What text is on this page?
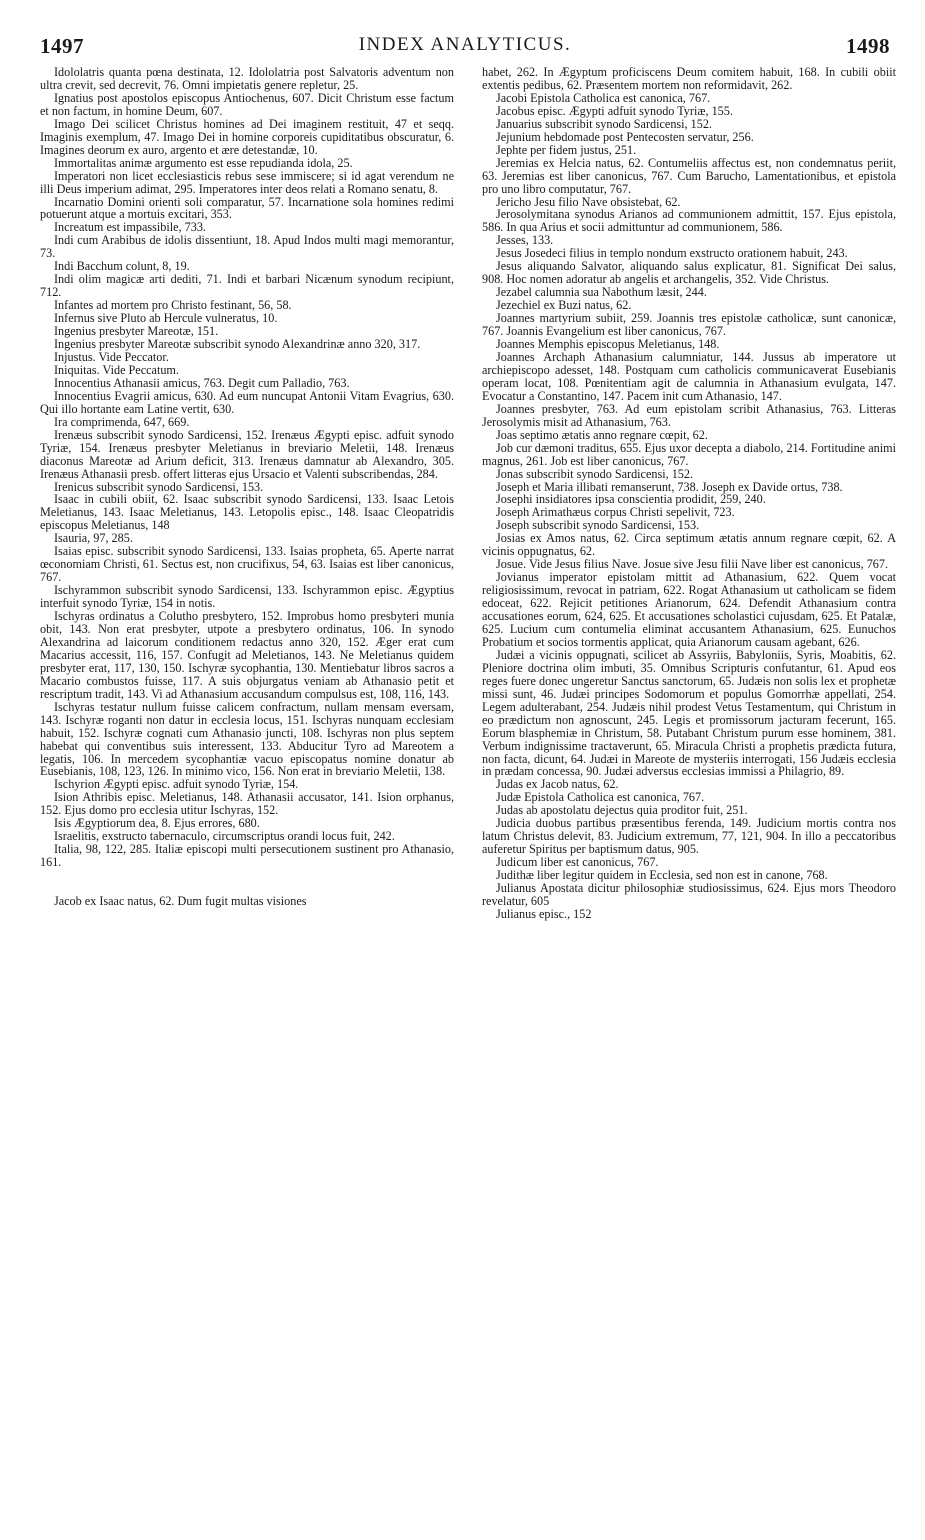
1497	INDEX ANALYTICUS.	1498

Idololatris quanta pœna destinata, 12. Idololatria post Salvatoris adventum non ultra crevit, sed decrevit, 76. Omni impietatis genere repletur, 25.

Ignatius post apostolos episcopus Antiochenus, 607. Dicit Christum esse factum et non factum, in homine Deum, 607.

Imago Dei scilicet Christus homines ad Dei imaginem restituit, 47 et seqq. Imaginis exemplum, 47. Imago Dei in homine corporeis cupiditatibus obscuratur, 6. Imagines deorum ex auro, argento et ære detestandæ, 10.

Immortalitas animæ argumento est esse repudianda idola, 25.

Imperatori non licet ecclesiasticis rebus sese immiscere; si id agat verendum ne illi Deus imperium adimat, 295. Imperatores inter deos relati a Romano senatu, 8.

Incarnatio Domini orienti soli comparatur, 57. Incarnatione sola homines redimi potuerunt atque a mortuis excitari, 353.

Increatum est impassibile, 733.

Indi cum Arabibus de idolis dissentiunt, 18. Apud Indos multi magi memorantur, 73.

Indi Bacchum colunt, 8, 19.

Indi olim magicæ arti dediti, 71. Indi et barbari Nicænum synodum recipiunt, 712.

Infantes ad mortem pro Christo festinant, 56, 58.

Infernus sive Pluto ab Hercule vulneratus, 10.

Ingenius presbyter Mareotæ, 151.

Ingenius presbyter Mareotæ subscribit synodo Alexandrinæ anno 320, 317.

Injustus. Vide Peccator.

Iniquitas. Vide Peccatum.

Innocentius Athanasii amicus, 763. Degit cum Palladio, 763.

Innocentius Evagrii amicus, 630. Ad eum nuncupat Antonii Vitam Evagrius, 630. Qui illo hortante eam Latine vertit, 630.

Ira comprimenda, 647, 669.

Irenæus subscribit synodo Sardicensi, 152. Irenæus Ægypti episc. adfuit synodo Tyriæ, 154. Irenæus presbyter Meletianus in breviario Meletii, 148. Irenæus diaconus Mareotæ ad Arium deficit, 313. Irenæus damnatur ab Alexandro, 305. Irenæus Athanasii presb. offert litteras ejus Ursacio et Valenti subscribendas, 284.

Irenicus subscribit synodo Sardicensi, 153.

Isaac in cubili obiit, 62. Isaac subscribit synodo Sardicensi, 133. Isaac Letois Meletianus, 143. Isaac Meletianus, 143. Letopolis episc., 148. Isaac Cleopatridis episcopus Meletianus, 148

Isauria, 97, 285.

Isaias episc. subscribit synodo Sardicensi, 133. Isaias propheta, 65. Aperte narrat œconomiam Christi, 61. Sectus est, non crucifixus, 54, 63. Isaias est liber canonicus, 767.

Ischyrammon subscribit synodo Sardicensi, 133. Ischyrammon episc. Ægyptius interfuit synodo Tyriæ, 154 in notis.

Ischyras ordinatus a Colutho presbytero, 152. Improbus homo presbyteri munia obit, 143. Non erat presbyter, utpote a presbytero ordinatus, 106. In synodo Alexandrina ad laicorum conditionem redactus anno 320, 152. Æger erat cum Macarius accessit, 116, 157. Confugit ad Meletianos, 143. Ne Meletianus quidem presbyter erat, 117, 130, 150. Ischyræ sycophantia, 130. Mentiebatur libros sacros a Macario combustos fuisse, 117. A suis objurgatus veniam ab Athanasio petit et rescriptum tradit, 143. Vi ad Athanasium accusandum compulsus est, 108, 116, 143.

Ischyras testatur nullum fuisse calicem confractum, nullam mensam eversam, 143. Ischyræ roganti non datur in ecclesia locus, 151. Ischyras nunquam ecclesiam habuit, 152. Ischyræ cognati cum Athanasio juncti, 108. Ischyras non plus septem habebat qui conventibus suis interessent, 133. Abducitur Tyro ad Mareotem a legatis, 106. In mercedem sycophantiæ vacuo episcopatus nomine donatur ab Eusebianis, 108, 123, 126. In minimo vico, 156. Non erat in breviario Meletii, 138.

Ischyrion Ægypti episc. adfuit synodo Tyriæ, 154.

Ision Athribis episc. Meletianus, 148. Athanasii accusator, 141. Ision orphanus, 152. Ejus domo pro ecclesia utitur Ischyras, 152.

Isis Ægyptiorum dea, 8. Ejus errores, 680.

Israelitis, exstructo tabernaculo, circumscriptus orandi locus fuit, 242.

Italia, 98, 122, 285. Italiæ episcopi multi persecutionem sustinent pro Athanasio, 161.

Jacob ex Isaac natus, 62. Dum fugit multas visiones

habet, 262. In Ægyptum proficiscens Deum comitem habuit, 168. In cubili obiit extentis pedibus, 62. Præsentem mortem non reformidavit, 262.

Jacobi Epistola Catholica est canonica, 767.

Jacobus episc. Ægypti adfuit synodo Tyriæ, 155.

Januarius subscribit synodo Sardicensi, 152.

Jejunium hebdomade post Pentecosten servatur, 256.

Jephte per fidem justus, 251.

Jeremias ex Helcia natus, 62. Contumeliis affectus est, non condemnatus periit, 63. Jeremias est liber canonicus, 767. Cum Barucho, Lamentationibus, et epistola pro uno libro computatur, 767.

Jericho Jesu filio Nave obsistebat, 62.

Jerosolymitana synodus Arianos ad communionem admittit, 157. Ejus epistola, 586. In qua Arius et socii admittuntur ad communionem, 586.

Jesses, 133.

Jesus Josedeci filius in templo nondum exstructo orationem habuit, 243.

Jesus aliquando Salvator, aliquando salus explicatur, 81. Significat Dei salus, 908. Hoc nomen adoratur ab angelis et archangelis, 352. Vide Christus.

Jezabel calumnia sua Nabothum læsit, 244.

Jezechiel ex Buzi natus, 62.

Joannes martyrium subiit, 259. Joannis tres epistolæ catholicæ, sunt canonicæ, 767. Joannis Evangelium est liber canonicus, 767.

Joannes Memphis episcopus Meletianus, 148.

Joannes Archaph Athanasium calumniatur, 144. Jussus ab imperatore ut archiepiscopo adesset, 148. Postquam cum catholicis communicaverat Eusebianis operam locat, 108. Pœnitentiam agit de calumnia in Athanasium evulgata, 147. Evocatur a Constantino, 147. Pacem init cum Athanasio, 147.

Joannes presbyter, 763. Ad eum epistolam scribit Athanasius, 763. Litteras Jerosolymis misit ad Athanasium, 763.

Joas septimo ætatis anno regnare cœpit, 62.

Job cur dæmoni traditus, 655. Ejus uxor decepta a diabolo, 214. Fortitudine animi magnus, 261. Job est liber canonicus, 767.

Jonas subscribit synodo Sardicensi, 152.

Joseph et Maria illibati remanserunt, 738. Joseph ex Davide ortus, 738.

Josephi insidiatores ipsa conscientia prodidit, 259, 240.

Joseph Arimathæus corpus Christi sepelivit, 723.

Joseph subscribit synodo Sardicensi, 153.

Josias ex Amos natus, 62. Circa septimum ætatis annum regnare cœpit, 62. A vicinis oppugnatus, 62.

Josue. Vide Jesus filius Nave. Josue sive Jesu filii Nave liber est canonicus, 767.

Jovianus imperator epistolam mittit ad Athanasium, 622. Quem vocat religiosissimum, revocat in patriam, 622. Rogat Athanasium ut catholicam se fidem edoceat, 622. Rejicit petitiones Arianorum, 624. Defendit Athanasium contra accusationes eorum, 624, 625. Et accusationes scholastici cujusdam, 625. Et Patalæ, 625. Lucium cum contumelia eliminat accusantem Athanasium, 625. Eunuchos Probatium et socios tormentis applicat, quia Arianorum causam agebant, 626.

Judæi a vicinis oppugnati, scilicet ab Assyriis, Babyloniis, Syris, Moabitis, 62. Pleniore doctrina olim imbuti, 35. Omnibus Scripturis confutantur, 61. Apud eos reges fuere donec ungeretur Sanctus sanctorum, 65. Judæis non solis lex et prophetæ missi sunt, 46. Judæi principes Sodomorum et populus Gomorrhæ appellati, 254. Legem adulterabant, 254. Judæis nihil prodest Vetus Testamentum, qui Christum in eo prædictum non agnoscunt, 245. Legis et promissorum jacturam fecerunt, 165. Eorum blasphemiæ in Christum, 58. Putabant Christum purum esse hominem, 381. Verbum indignissime tractaverunt, 65. Miracula Christi a prophetis prædicta futura, non facta, dicunt, 64. Judæi in Mareote de mysteriis interrogati, 156 Judæis ecclesia in prædam concessa, 90. Judæi adversus ecclesias immissi a Philagrio, 89.

Judas ex Jacob natus, 62.

Judæ Epistola Catholica est canonica, 767.

Judas ab apostolatu dejectus quia proditor fuit, 251.

Judicia duobus partibus præsentibus ferenda, 149. Judicium mortis contra nos latum Christus delevit, 83. Judicium extremum, 77, 121, 904. In illo a peccatoribus auferetur Spiritus per baptismum datus, 905.

Judicum liber est canonicus, 767.

Judithæ liber legitur quidem in Ecclesia, sed non est in canone, 768.

Julianus Apostata dicitur philosophiæ studiosissimus, 624. Ejus mors Theodoro revelatur, 605

Julianus episc., 152
